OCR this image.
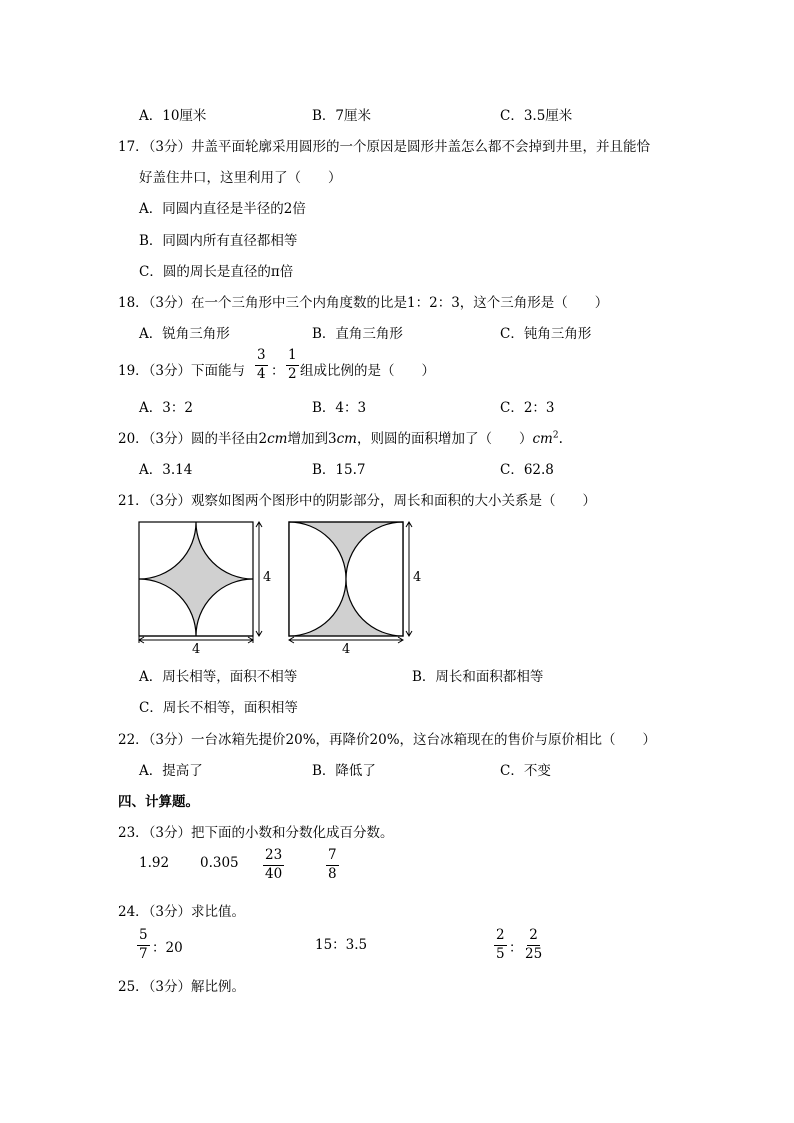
A．10厘米	B．7厘米	C．3.5厘米
17．（3分）井盖平面轮廓采用圆形的一个原因是圆形井盖怎么都不会掉到井里，并且能恰
好盖住井口，这里利用了（　　）
A．同圆内直径是半径的2倍
B．同圆内所有直径都相等
C．圆的周长是直径的π倍
18．（3分）在一个三角形中三个内角度数的比是1：2：3，这个三角形是（　　）
A．锐角三角形	B．直角三角形	C．钝角三角形
19．（3分）下面能与 $\frac{3}{4}$ ： $\frac{1}{2}$ 组成比例的是（　　）
A．3：2	B．4：3	C．2：3
20．（3分）圆的半径由2cm增加到3cm，则圆的面积增加了（　　）$cm^2$.
A．3.14	B．15.7	C．62.8
21．（3分）观察如图两个图形中的阴影部分，周长和面积的大小关系是（　　）
4
4
4
4
A．周长相等，面积不相等	B．周长和面积都相等
C．周长不相等，面积相等
22．（3分）一台冰箱先提价20%，再降价20%，这台冰箱现在的售价与原价相比（　　）
A．提高了	B．降低了	C．不变
四、计算题。
23．（3分）把下面的小数和分数化成百分数。
1.92 $0.305 \frac{23}{40}$	$\frac{7}{8}$
24．（3分）求比值。
$\frac{5}{7}$ ：20	15：3.5	$\frac{2}{5}$ ： $\frac{2}{25}$
25．（3分）解比例。
